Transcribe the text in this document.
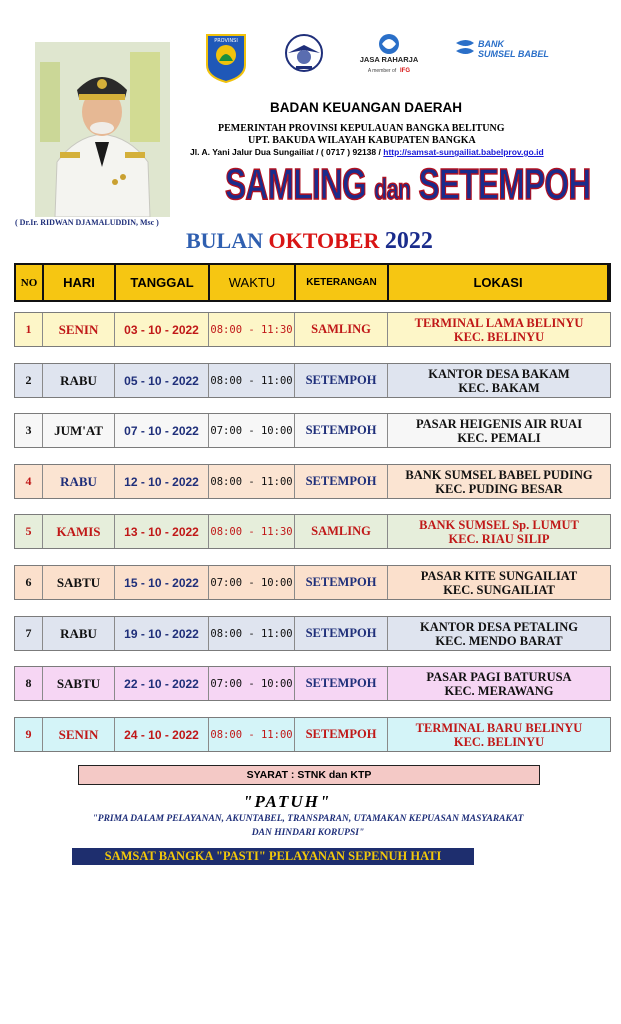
( Dr.Ir. RIDWAN DJAMALUDDIN, Msc )
PROVINSI
JASA RAHARJA
A member of IFG
BANK
SUMSEL BABEL
BADAN KEUANGAN DAERAH
PEMERINTAH PROVINSI KEPULAUAN BANGKA BELITUNG
UPT. BAKUDA WILAYAH KABUPATEN BANGKA
Jl. A. Yani Jalur Dua Sungailiat / ( 0717 ) 92138 / http://samsat-sungailiat.babelprov.go.id
SAMLING dan SETEMPOH
BULAN OKTOBER 2022
NO	HARI	TANGGAL	WAKTU	KETERANGAN	LOKASI
1	SENIN	03 - 10 - 2022	08:00 - 11:30	SAMLING	TERMINAL LAMA BELINYU
KEC. BELINYU
2	RABU	05 - 10 - 2022	08:00 - 11:00	SETEMPOH	KANTOR DESA BAKAM
KEC. BAKAM
3	JUM'AT	07 - 10 - 2022	07:00 - 10:00	SETEMPOH	PASAR HEIGENIS AIR RUAI
KEC. PEMALI
4	RABU	12 - 10 - 2022	08:00 - 11:00	SETEMPOH	BANK SUMSEL BABEL PUDING
KEC. PUDING BESAR
5	KAMIS	13 - 10 - 2022	08:00 - 11:30	SAMLING	BANK SUMSEL Sp. LUMUT
KEC. RIAU SILIP
6	SABTU	15 - 10 - 2022	07:00 - 10:00	SETEMPOH	PASAR KITE SUNGAILIAT
KEC. SUNGAILIAT
7	RABU	19 - 10 - 2022	08:00 - 11:00	SETEMPOH	KANTOR DESA PETALING
KEC. MENDO BARAT
8	SABTU	22 - 10 - 2022	07:00 - 10:00	SETEMPOH	PASAR PAGI BATURUSA
KEC. MERAWANG
9	SENIN	24 - 10 - 2022	08:00 - 11:00	SETEMPOH	TERMINAL BARU BELINYU
KEC. BELINYU
SYARAT : STNK dan KTP
"PATUH"
"PRIMA DALAM PELAYANAN, AKUNTABEL, TRANSPARAN, UTAMAKAN KEPUASAN MASYARAKAT
DAN HINDARI KORUPSI"
SAMSAT BANGKA "PASTI" PELAYANAN SEPENUH HATI
